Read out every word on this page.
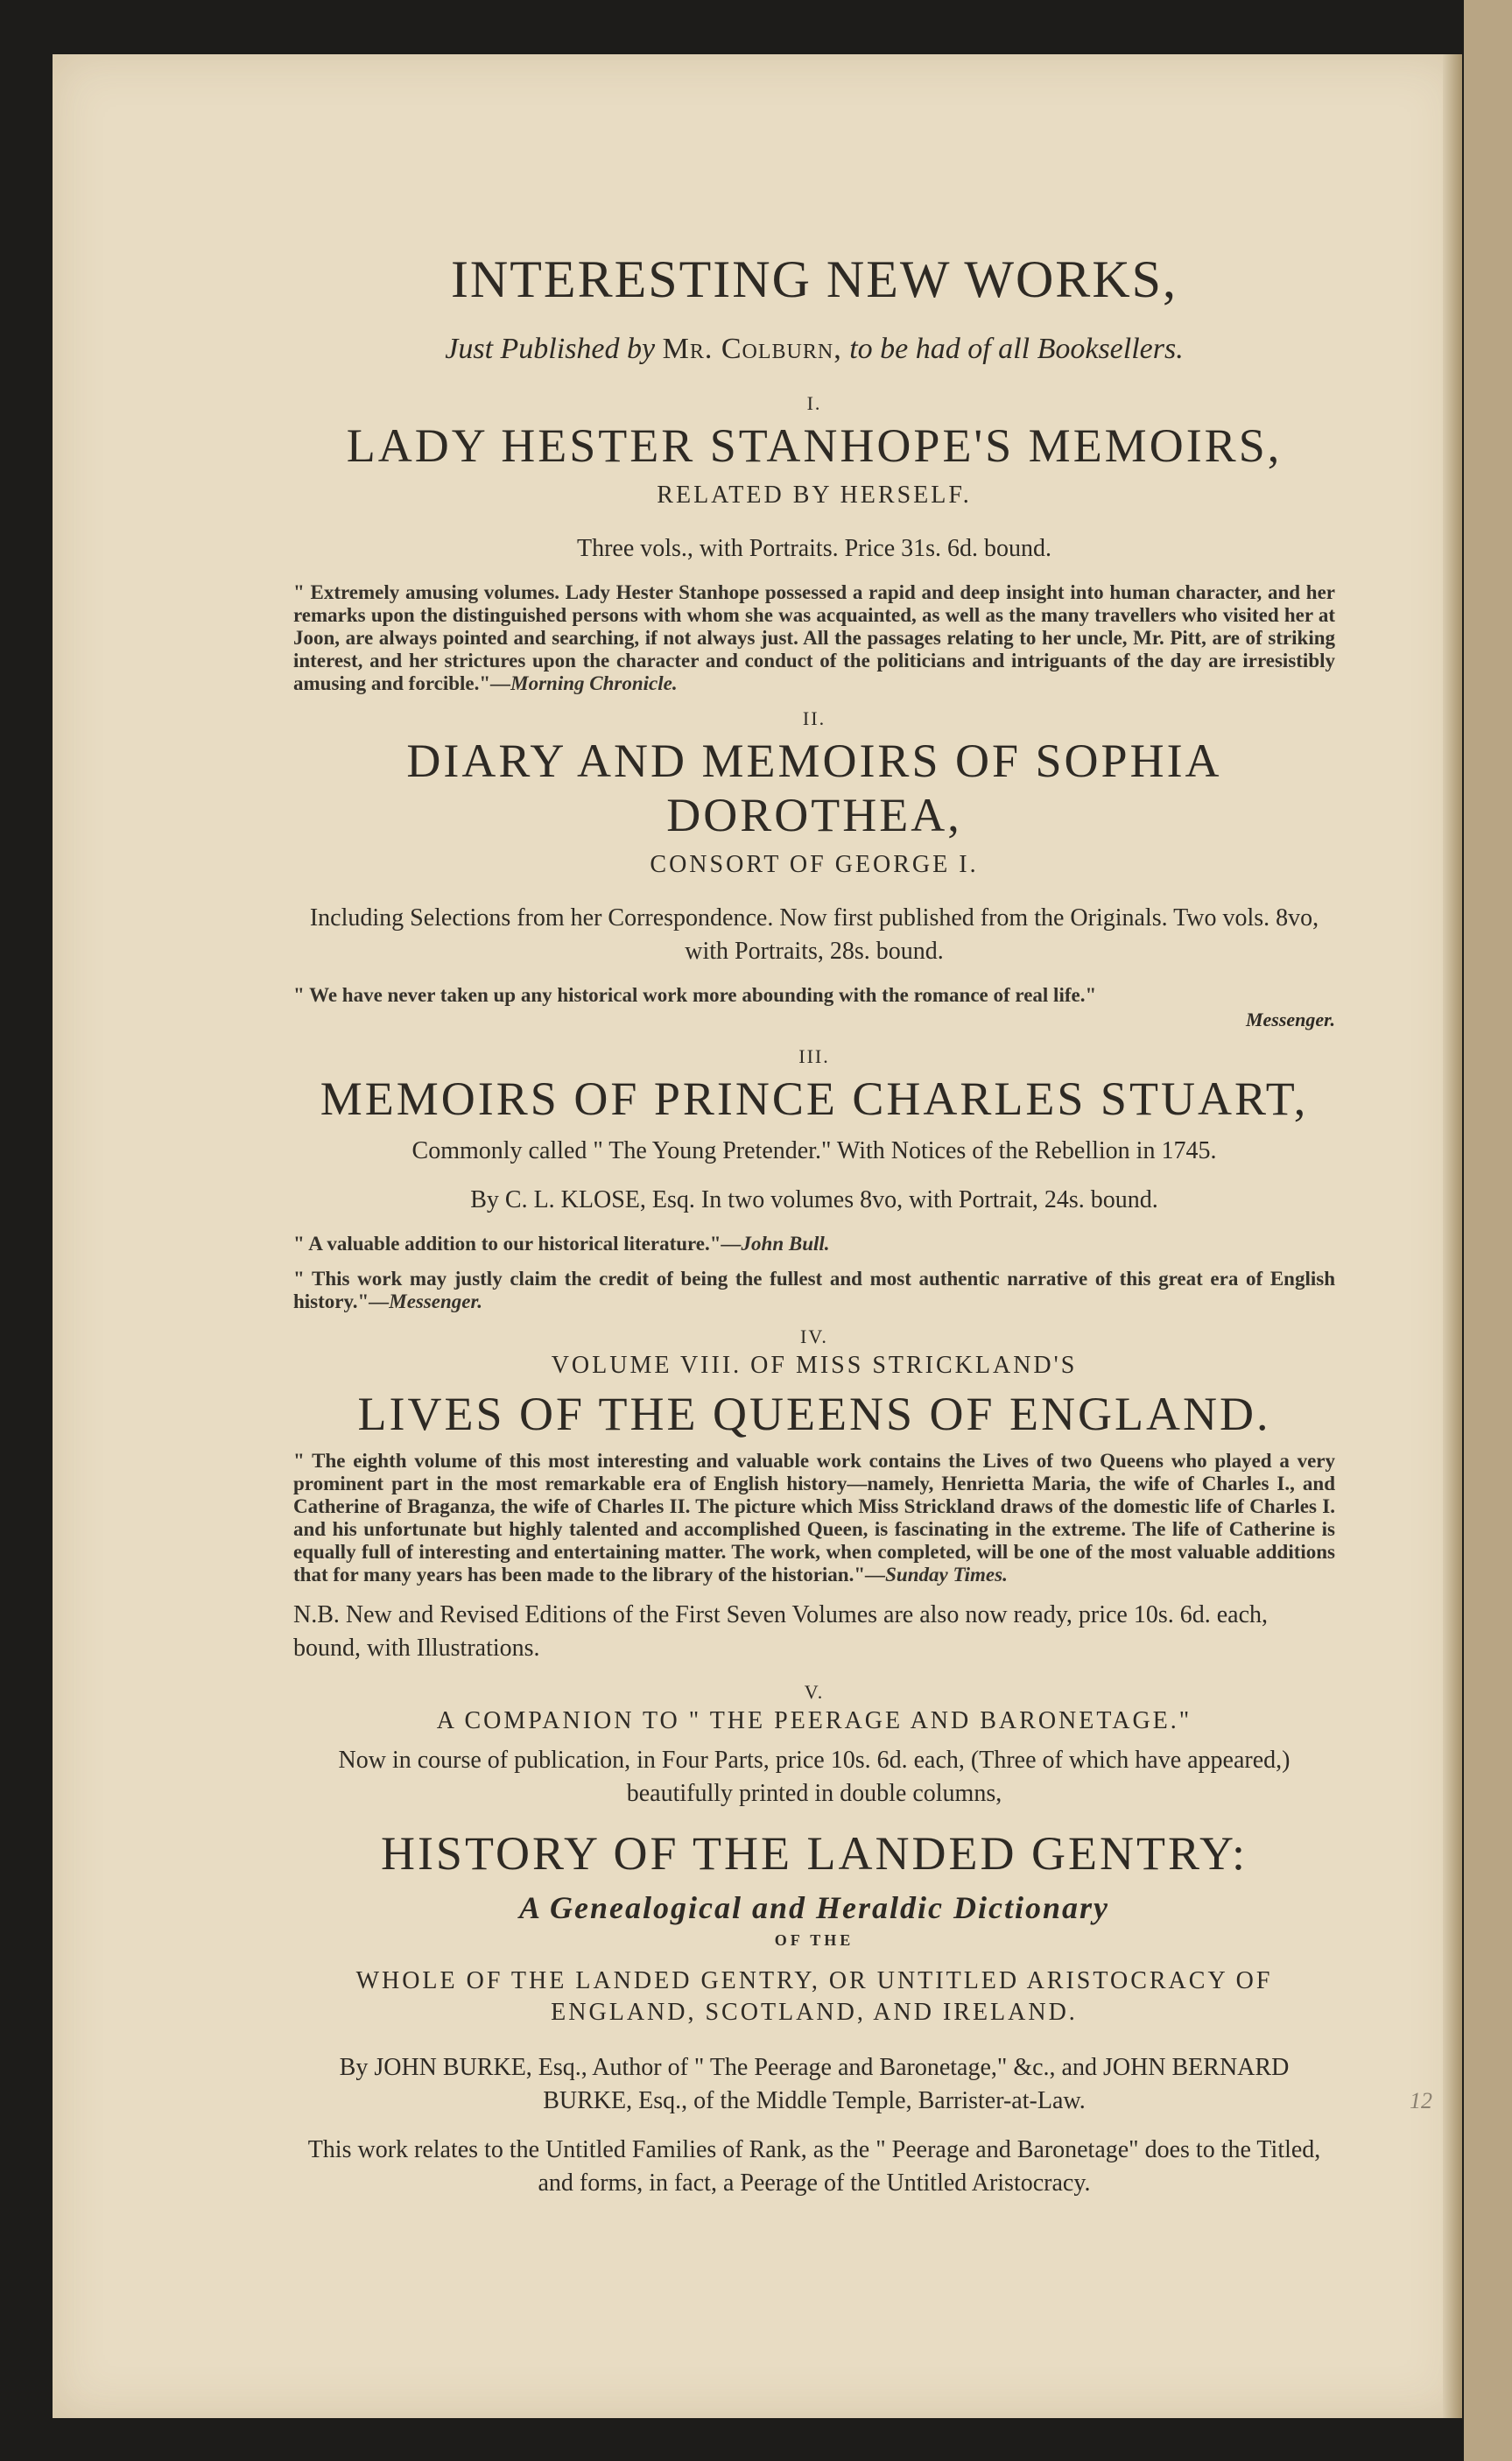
INTERESTING NEW WORKS,
Just Published by Mr. Colburn, to be had of all Booksellers.
I.
LADY HESTER STANHOPE'S MEMOIRS,
RELATED BY HERSELF.
Three vols., with Portraits. Price 31s. 6d. bound.
" Extremely amusing volumes. Lady Hester Stanhope possessed a rapid and deep insight into human character, and her remarks upon the distinguished persons with whom she was acquainted, as well as the many travellers who visited her at Joon, are always pointed and searching, if not always just. All the passages relating to her uncle, Mr. Pitt, are of striking interest, and her strictures upon the character and conduct of the politicians and intriguants of the day are irresistibly amusing and forcible."—Morning Chronicle.
II.
DIARY AND MEMOIRS OF SOPHIA DOROTHEA,
CONSORT OF GEORGE I.
Including Selections from her Correspondence. Now first published from the Originals. Two vols. 8vo, with Portraits, 28s. bound.
" We have never taken up any historical work more abounding with the romance of real life."
Messenger.
III.
MEMOIRS OF PRINCE CHARLES STUART,
Commonly called " The Young Pretender." With Notices of the Rebellion in 1745.
By C. L. KLOSE, Esq. In two volumes 8vo, with Portrait, 24s. bound.
" A valuable addition to our historical literature."—John Bull.
" This work may justly claim the credit of being the fullest and most authentic narrative of this great era of English history."—Messenger.
IV.
VOLUME VIII. OF MISS STRICKLAND'S
LIVES OF THE QUEENS OF ENGLAND.
" The eighth volume of this most interesting and valuable work contains the Lives of two Queens who played a very prominent part in the most remarkable era of English history—namely, Henrietta Maria, the wife of Charles I., and Catherine of Braganza, the wife of Charles II. The picture which Miss Strickland draws of the domestic life of Charles I. and his unfortunate but highly talented and accomplished Queen, is fascinating in the extreme. The life of Catherine is equally full of interesting and entertaining matter. The work, when completed, will be one of the most valuable additions that for many years has been made to the library of the historian."—Sunday Times.
N.B. New and Revised Editions of the First Seven Volumes are also now ready, price 10s. 6d. each, bound, with Illustrations.
V.
A COMPANION TO " THE PEERAGE AND BARONETAGE."
Now in course of publication, in Four Parts, price 10s. 6d. each, (Three of which have appeared,) beautifully printed in double columns,
HISTORY OF THE LANDED GENTRY:
A Genealogical and Heraldic Dictionary
OF THE
WHOLE OF THE LANDED GENTRY, OR UNTITLED ARISTOCRACY OF ENGLAND, SCOTLAND, AND IRELAND.
By JOHN BURKE, Esq., Author of " The Peerage and Baronetage," &c., and JOHN BERNARD BURKE, Esq., of the Middle Temple, Barrister-at-Law.
This work relates to the Untitled Families of Rank, as the " Peerage and Baronetage" does to the Titled, and forms, in fact, a Peerage of the Untitled Aristocracy.
12
